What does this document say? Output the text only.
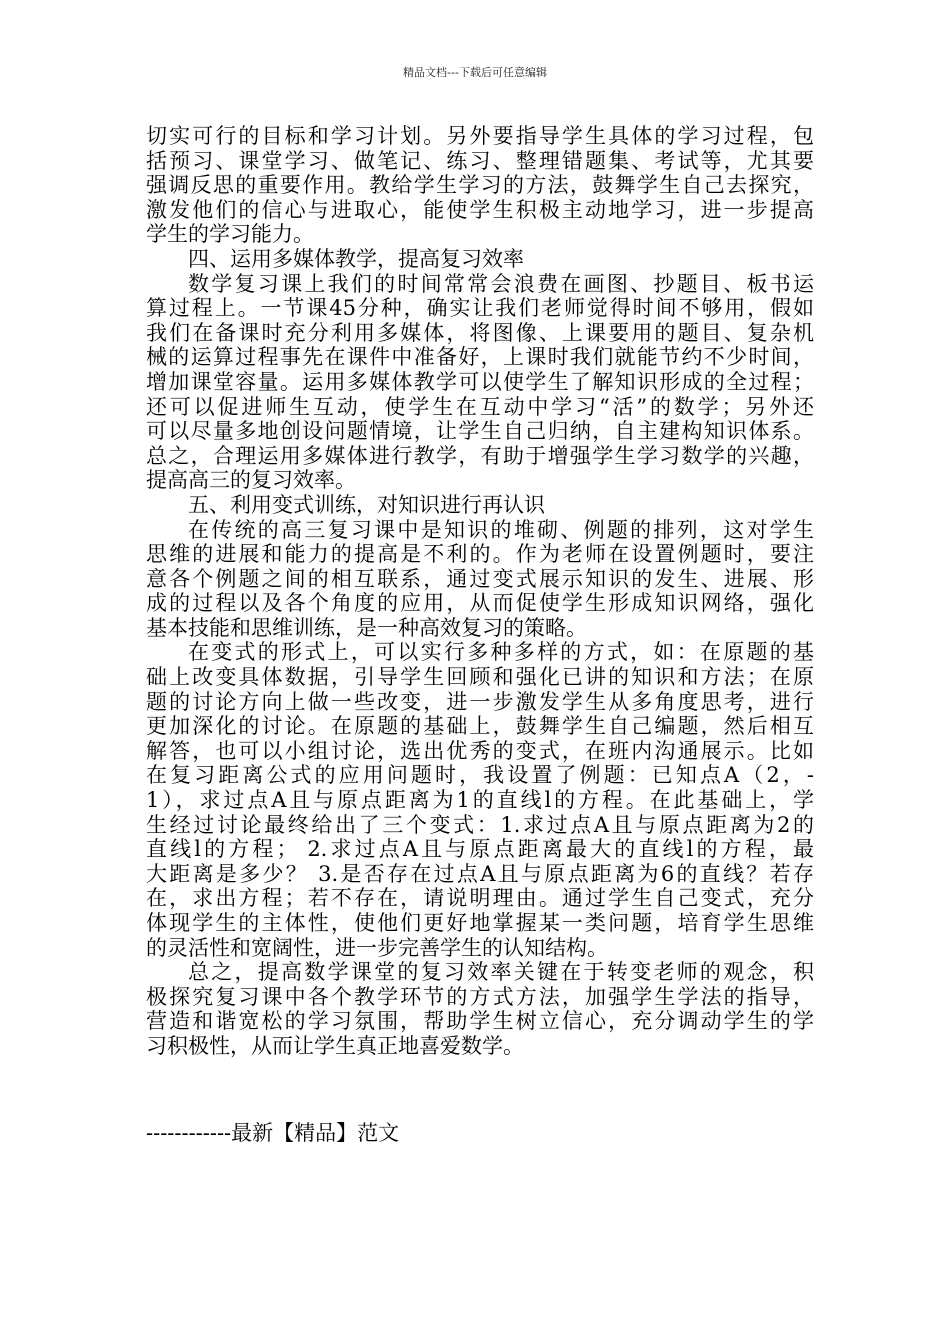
精品文档---下载后可任意编辑
切实可行的目标和学习计划。另外要指导学生具体的学习过程，包
括预习、课堂学习、做笔记、练习、整理错题集、考试等，尤其要
强调反思的重要作用。教给学生学习的方法，鼓舞学生自己去探究，
激发他们的信心与进取心，能使学生积极主动地学习，进一步提高
学生的学习能力。
四、运用多媒体教学，提高复习效率
数学复习课上我们的时间常常会浪费在画图、抄题目、板书运
算过程上。一节课45分种，确实让我们老师觉得时间不够用，假如
我们在备课时充分利用多媒体，将图像、上课要用的题目、复杂机
械的运算过程事先在课件中准备好，上课时我们就能节约不少时间，
增加课堂容量。运用多媒体教学可以使学生了解知识形成的全过程；
还可以促进师生互动，使学生在互动中学习“活”的数学；另外还
可以尽量多地创设问题情境，让学生自己归纳，自主建构知识体系。
总之，合理运用多媒体进行教学，有助于增强学生学习数学的兴趣，
提高高三的复习效率。
五、利用变式训练，对知识进行再认识
在传统的高三复习课中是知识的堆砌、例题的排列，这对学生
思维的进展和能力的提高是不利的。作为老师在设置例题时，要注
意各个例题之间的相互联系，通过变式展示知识的发生、进展、形
成的过程以及各个角度的应用，从而促使学生形成知识网络，强化
基本技能和思维训练，是一种高效复习的策略。
在变式的形式上，可以实行多种多样的方式，如：在原题的基
础上改变具体数据，引导学生回顾和强化已讲的知识和方法；在原
题的讨论方向上做一些改变，进一步激发学生从多角度思考，进行
更加深化的讨论。在原题的基础上，鼓舞学生自己编题，然后相互
解答，也可以小组讨论，选出优秀的变式，在班内沟通展示。比如
在复习距离公式的应用问题时，我设置了例题：已知点A（2，-
1），求过点A且与原点距离为1的直线l的方程。在此基础上，学
生经过讨论最终给出了三个变式：1.求过点A且与原点距离为2的
直线l的方程； 2.求过点A且与原点距离最大的直线l的方程，最
大距离是多少？ 3.是否存在过点A且与原点距离为6的直线？若存
在，求出方程；若不存在，请说明理由。通过学生自己变式，充分
体现学生的主体性，使他们更好地掌握某一类问题，培育学生思维
的灵活性和宽阔性，进一步完善学生的认知结构。
总之，提高数学课堂的复习效率关键在于转变老师的观念，积
极探究复习课中各个教学环节的方式方法，加强学生学法的指导，
营造和谐宽松的学习氛围，帮助学生树立信心，充分调动学生的学
习积极性，从而让学生真正地喜爱数学。
------------最新【精品】范文
